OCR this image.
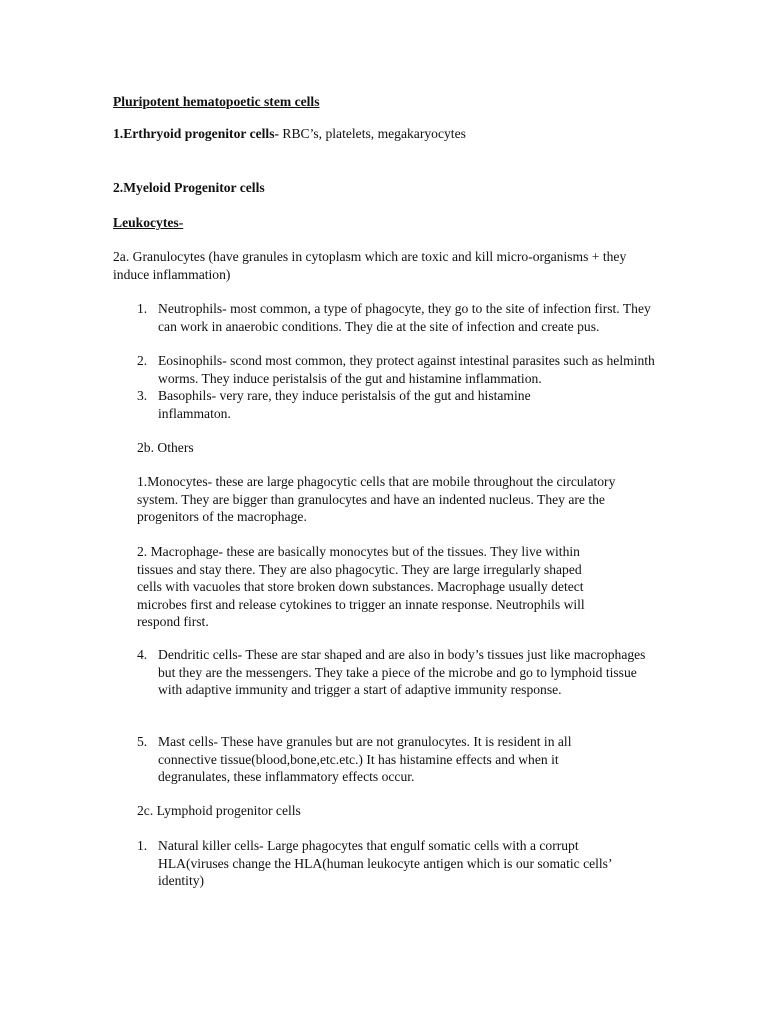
Pluripotent hematopoetic stem cells
1.Erthryoid progenitor cells- RBC’s, platelets, megakaryocytes
2.Myeloid Progenitor cells
Leukocytes-
2a. Granulocytes (have granules in cytoplasm which are toxic and kill micro-organisms + they induce inflammation)
1. Neutrophils- most common, a type of phagocyte, they go to the site of infection first. They can work in anaerobic conditions. They die at the site of infection and create pus.
2. Eosinophils- scond most common, they protect against intestinal parasites such as helminth worms. They induce peristalsis of the gut and histamine inflammation.
3. Basophils- very rare, they induce peristalsis of the gut and histamine inflammaton.
2b. Others
1.Monocytes- these are large phagocytic cells that are mobile throughout the circulatory system. They are bigger than granulocytes and have an indented nucleus. They are the progenitors of the macrophage.
2. Macrophage- these are basically monocytes but of the tissues. They live within tissues and stay there. They are also phagocytic. They are large irregularly shaped cells with vacuoles that store broken down substances. Macrophage usually detect microbes first and release cytokines to trigger an innate response. Neutrophils will respond first.
4. Dendritic cells- These are star shaped and are also in body’s tissues just like macrophages but they are the messengers. They take a piece of the microbe and go to lymphoid tissue with adaptive immunity and trigger a start of adaptive immunity response.
5. Mast cells- These have granules but are not granulocytes. It is resident in all connective tissue(blood,bone,etc.etc.) It has histamine effects and when it degranulates, these inflammatory effects occur.
2c. Lymphoid progenitor cells
1. Natural killer cells- Large phagocytes that engulf somatic cells with a corrupt HLA(viruses change the HLA(human leukocyte antigen which is our somatic cells’ identity)
